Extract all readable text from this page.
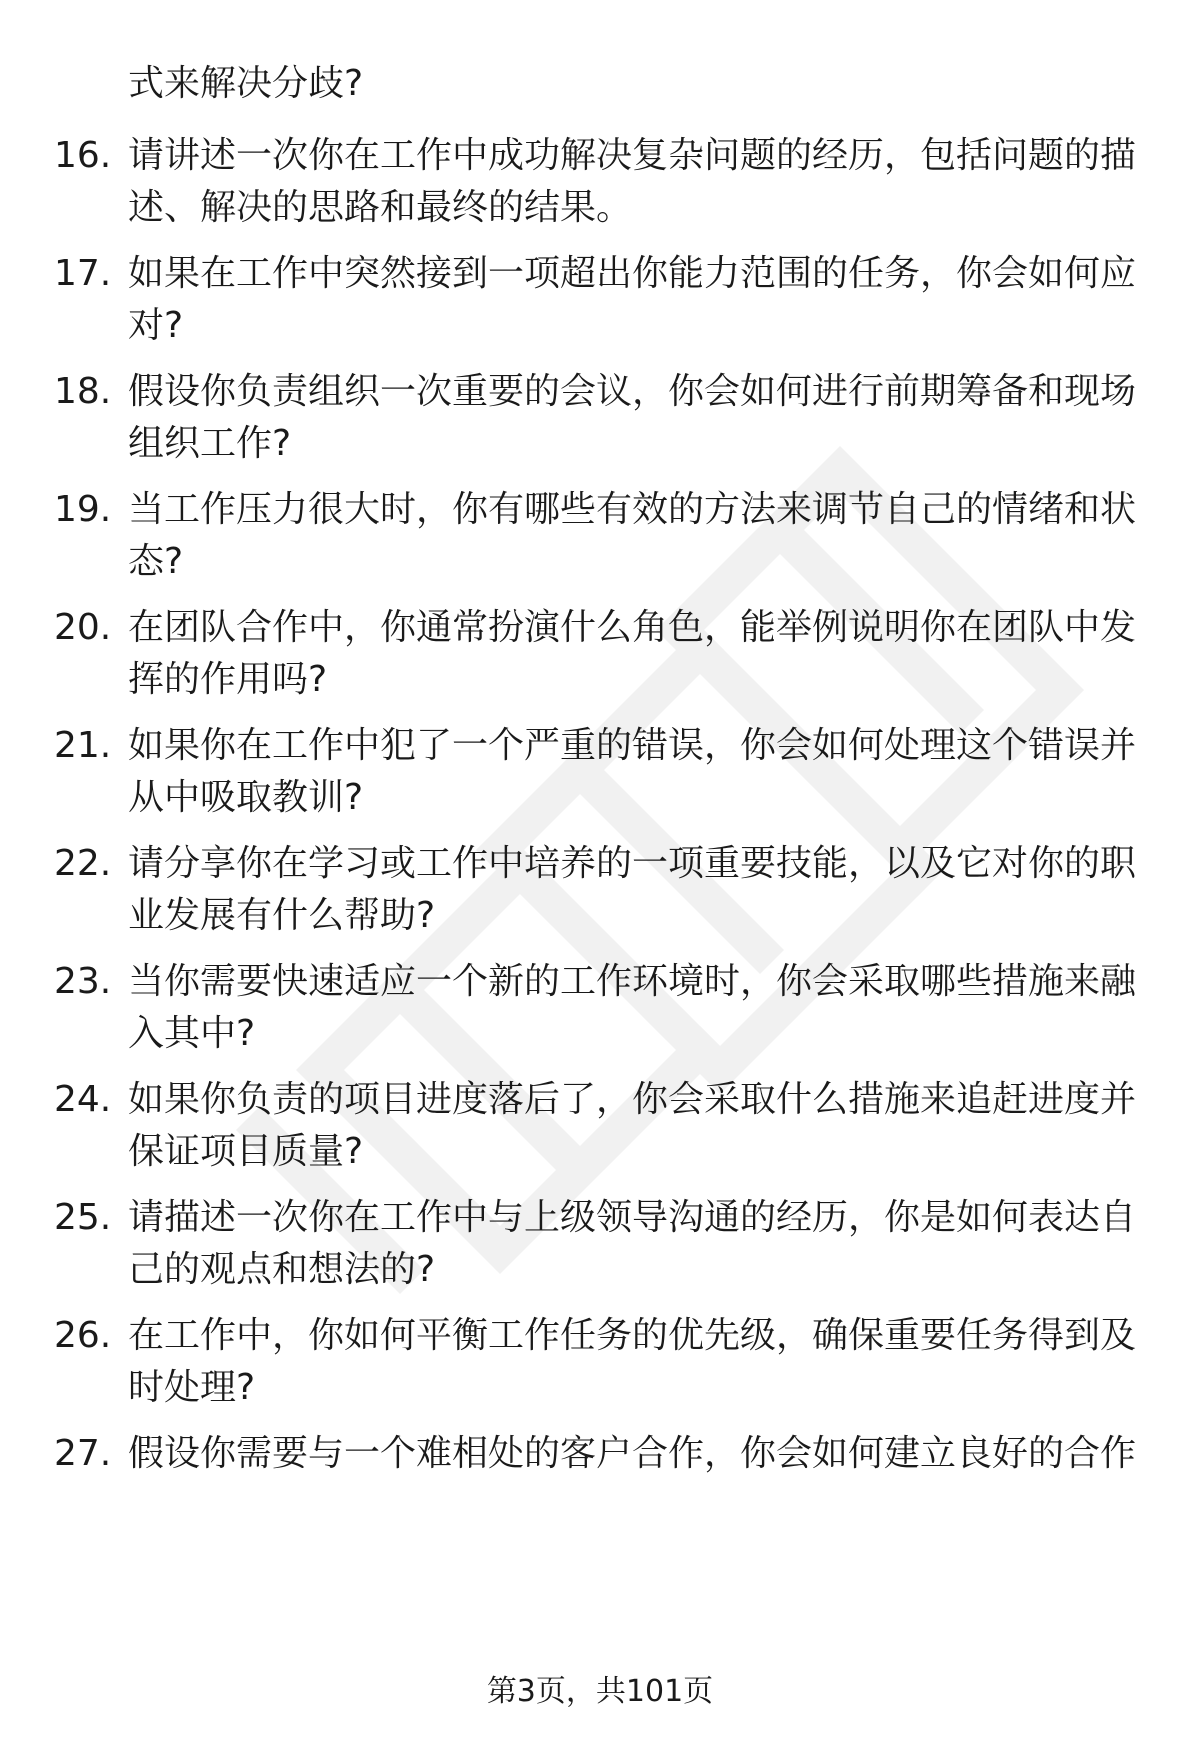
式来解决分歧?

16. 请讲述一次你在工作中成功解决复杂问题的经历，包括问题的描述、解决的思路和最终的结果。

17. 如果在工作中突然接到一项超出你能力范围的任务，你会如何应对?

18. 假设你负责组织一次重要的会议，你会如何进行前期筹备和现场组织工作?

19. 当工作压力很大时，你有哪些有效的方法来调节自己的情绪和状态?

20. 在团队合作中，你通常扮演什么角色，能举例说明你在团队中发挥的作用吗?

21. 如果你在工作中犯了一个严重的错误，你会如何处理这个错误并从中吸取教训?

22. 请分享你在学习或工作中培养的一项重要技能，以及它对你的职业发展有什么帮助?

23. 当你需要快速适应一个新的工作环境时，你会采取哪些措施来融入其中?

24. 如果你负责的项目进度落后了，你会采取什么措施来追赶进度并保证项目质量?

25. 请描述一次你在工作中与上级领导沟通的经历，你是如何表达自己的观点和想法的?

26. 在工作中，你如何平衡工作任务的优先级，确保重要任务得到及时处理?

27. 假设你需要与一个难相处的客户合作，你会如何建立良好的合作

第3页，共101页
